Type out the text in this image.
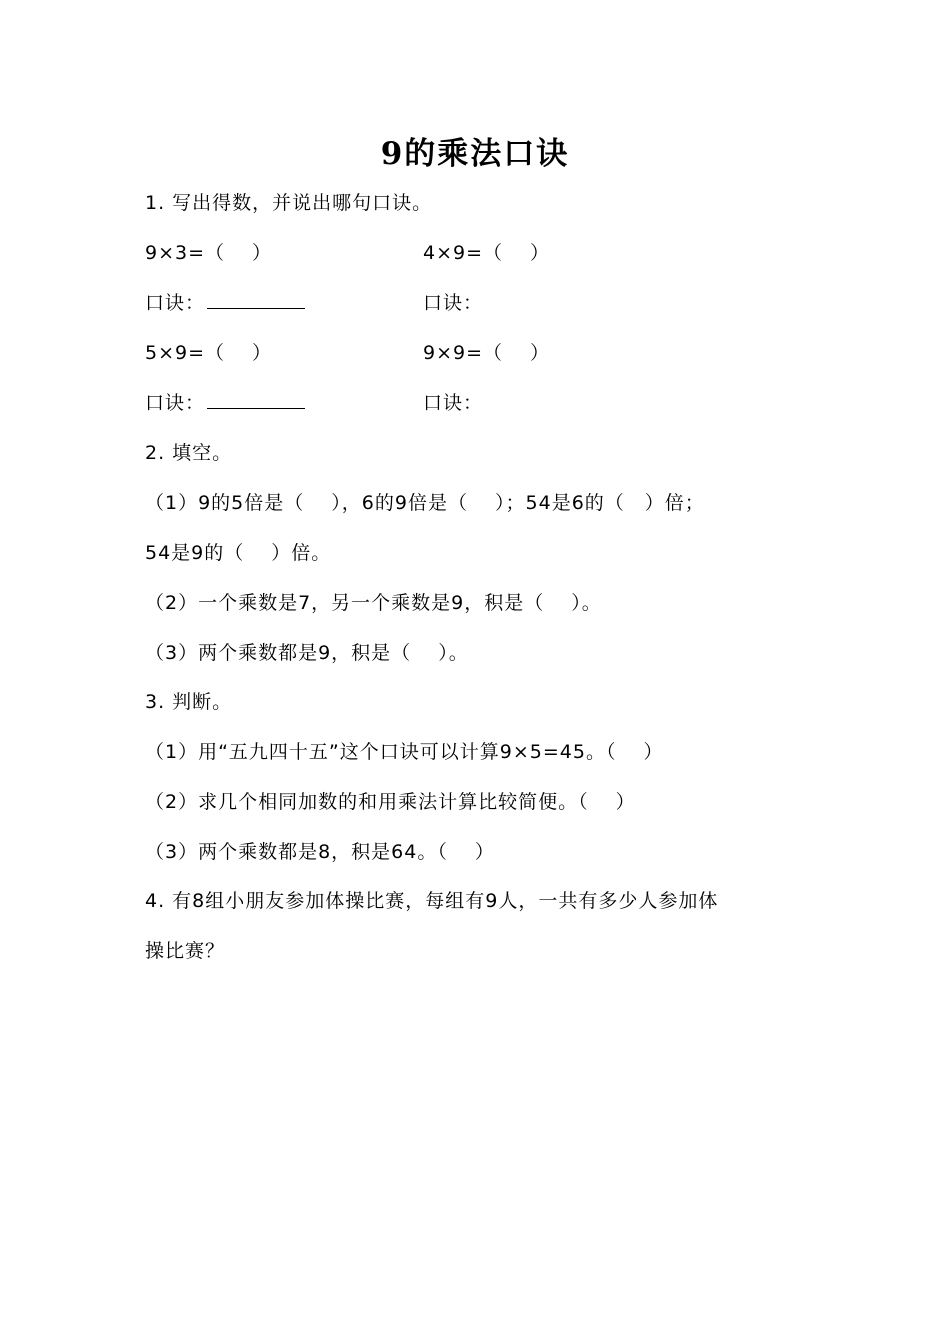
9的乘法口诀
1. 写出得数，并说出哪句口诀。
9×3=（　 ）	4×9=（　 ）
口诀：	口诀：
5×9=（　 ）	9×9=（　 ）
口诀：	口诀：
2. 填空。
（1）9的5倍是（　 ），6的9倍是（　 ）；54是6的（　）倍；
54是9的（　 ）倍。
（2）一个乘数是7，另一个乘数是9，积是（　 ）。
（3）两个乘数都是9，积是（　 ）。
3. 判断。
（1）用“五九四十五”这个口诀可以计算9×5=45。（　 ）
（2）求几个相同加数的和用乘法计算比较简便。（　 ）
（3）两个乘数都是8，积是64。（　 ）
4. 有8组小朋友参加体操比赛，每组有9人，一共有多少人参加体
操比赛？
